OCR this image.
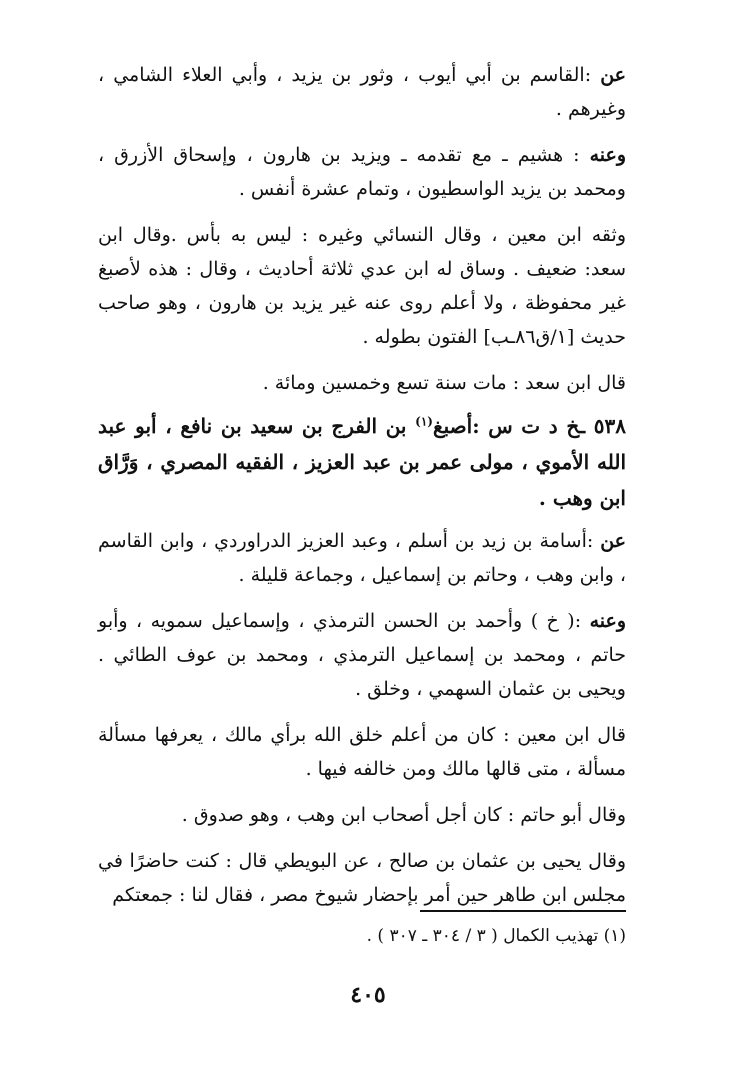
عن :القاسم بن أبي أيوب ، وثور بن يزيد ، وأبي العلاء الشامي ، وغيرهم .

وعنه : هشيم ـ مع تقدمه ـ ويزيد بن هارون ، وإسحاق الأزرق ، ومحمد بن يزيد الواسطيون ، وتمام عشرة أنفس .

وثقه ابن معين ، وقال النسائي وغيره : ليس به بأس .وقال ابن سعد: ضعيف . وساق له ابن عدي ثلاثة أحاديث ، وقال : هذه لأصبغ غير محفوظة ، ولا أعلم روى عنه غير يزيد بن هارون ، وهو صاحب حديث [١/ق٨٦ـب] الفتون بطوله .

قال ابن سعد : مات سنة تسع وخمسين ومائة .

٥٣٨ ـخ د ت س :أصبغ$^{(١)}$ بن الفرج بن سعيد بن نافع ، أبو عبد الله الأموي ، مولى عمر بن عبد العزيز ، الفقيه المصري ، وَرَّاق ابن وهب .

عن :أسامة بن زيد بن أسلم ، وعبد العزيز الدراوردي ، وابن القاسم ، وابن وهب ، وحاتم بن إسماعيل ، وجماعة قليلة .

وعنه :( خ ) وأحمد بن الحسن الترمذي ، وإسماعيل سمويه ، وأبو حاتم ، ومحمد بن إسماعيل الترمذي ، ومحمد بن عوف الطائي . ويحيى بن عثمان السهمي ، وخلق .

قال ابن معين : كان من أعلم خلق الله برأي مالك ، يعرفها مسألة مسألة ، متى قالها مالك ومن خالفه فيها .

وقال أبو حاتم : كان أجل أصحاب ابن وهب ، وهو صدوق .

وقال يحيى بن عثمان بن صالح ، عن البويطي قال : كنت حاضرًا في مجلس ابن طاهر حين أمر بإحضار شيوخ مصر ، فقال لنا : جمعتكم

(١) تهذيب الكمال ( ٣ / ٣٠٤ ـ ٣٠٧ ) .
٤٠٥
